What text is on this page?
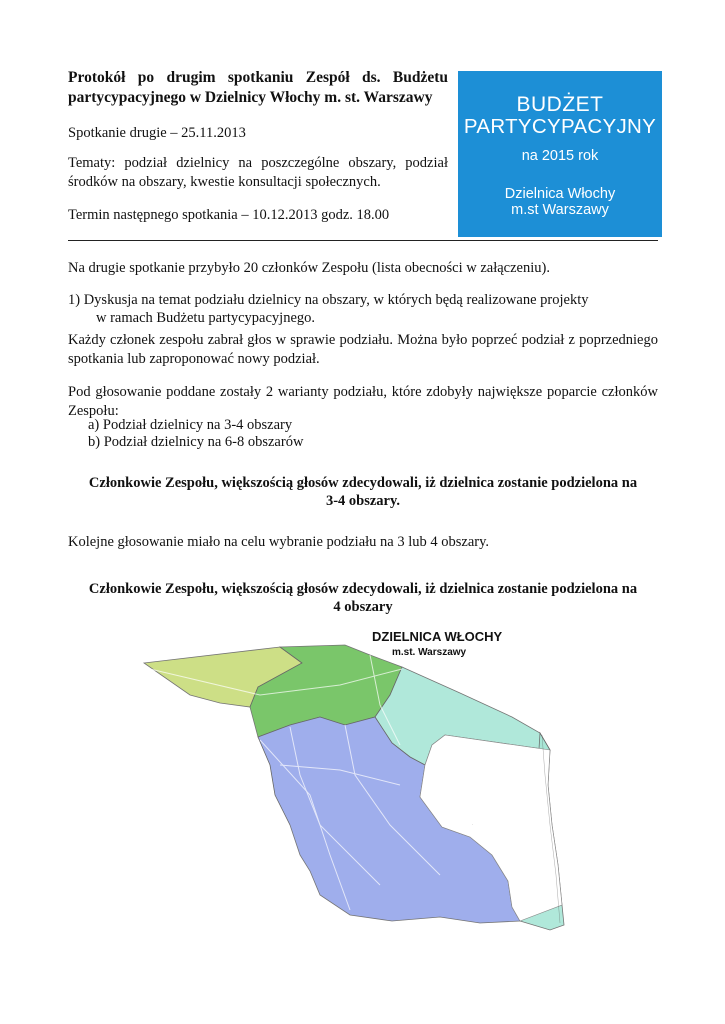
Protokół po drugim spotkaniu Zespół ds. Budżetu partycypacyjnego w Dzielnicy Włochy m. st. Warszawy
Spotkanie drugie – 25.11.2013
Tematy: podział dzielnicy na poszczególne obszary, podział środków na obszary, kwestie konsultacji społecznych.
Termin następnego spotkania – 10.12.2013 godz. 18.00
BUDŻET
PARTYCYPACYJNY
na 2015 rok
Dzielnica Włochy
m.st Warszawy
Na drugie spotkanie przybyło 20 członków Zespołu (lista obecności w załączeniu).
1) Dyskusja na temat podziału dzielnicy na obszary, w których będą realizowane projekty
w ramach Budżetu partycypacyjnego.
Każdy członek zespołu zabrał głos w sprawie podziału. Można było poprzeć podział z poprzedniego spotkania lub zaproponować nowy podział.
Pod głosowanie poddane zostały 2 warianty podziału, które zdobyły największe poparcie członków Zespołu:
a) Podział dzielnicy na 3-4 obszary
b) Podział dzielnicy na 6-8 obszarów
Członkowie Zespołu, większością głosów zdecydowali, iż dzielnica zostanie podzielona na
3-4 obszary.
Kolejne głosowanie miało na celu wybranie podziału na 3 lub 4 obszary.
Członkowie Zespołu, większością głosów zdecydowali, iż dzielnica zostanie podzielona na
4 obszary
DZIELNICA WŁOCHY
m.st. Warszawy
.
